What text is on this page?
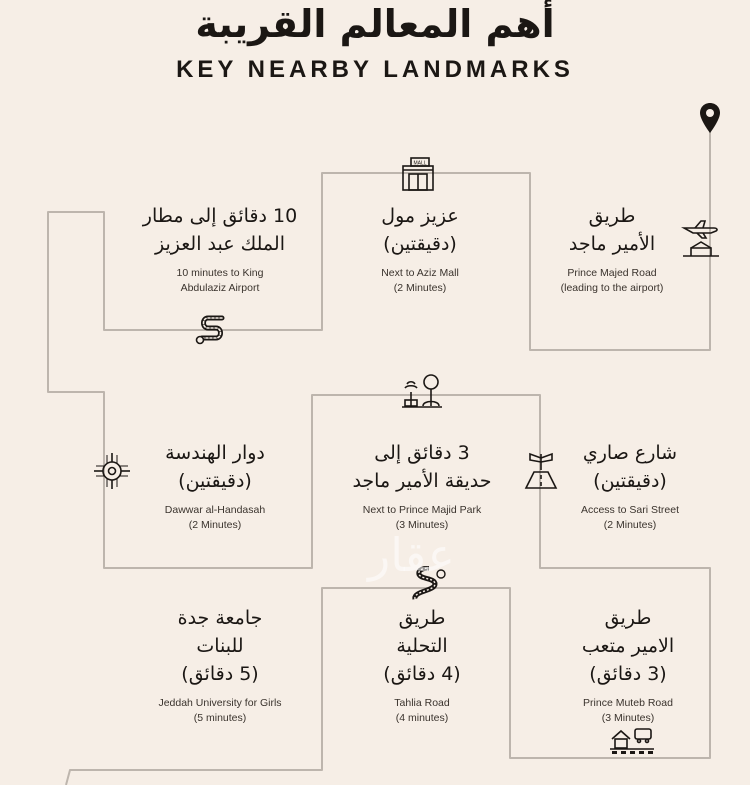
أهم المعالم القريبة
KEY NEARBY LANDMARKS
10 دقائق إلى مطار
الملك عبد العزيز
10 minutes to King
Abdulaziz Airport
عزيز مول
(دقيقتين)
Next to Aziz Mall
(2 Minutes)
طريق
الأمير ماجد
Prince Majed Road
(leading to the airport)
دوار الهندسة
(دقيقتين)
Dawwar al-Handasah
(2 Minutes)
3 دقائق إلى
حديقة الأمير ماجد
Next to Prince Majid Park
(3 Minutes)
شارع صاري
(دقيقتين)
Access to Sari Street
(2 Minutes)
جامعة جدة
للبنات
(5 دقائق)
Jeddah University for Girls
(5 minutes)
طريق
التحلية
(4 دقائق)
Tahlia Road
(4 minutes)
طريق
الامير متعب
(3 دقائق)
Prince Muteb Road
(3 Minutes)
MALL
عقار
